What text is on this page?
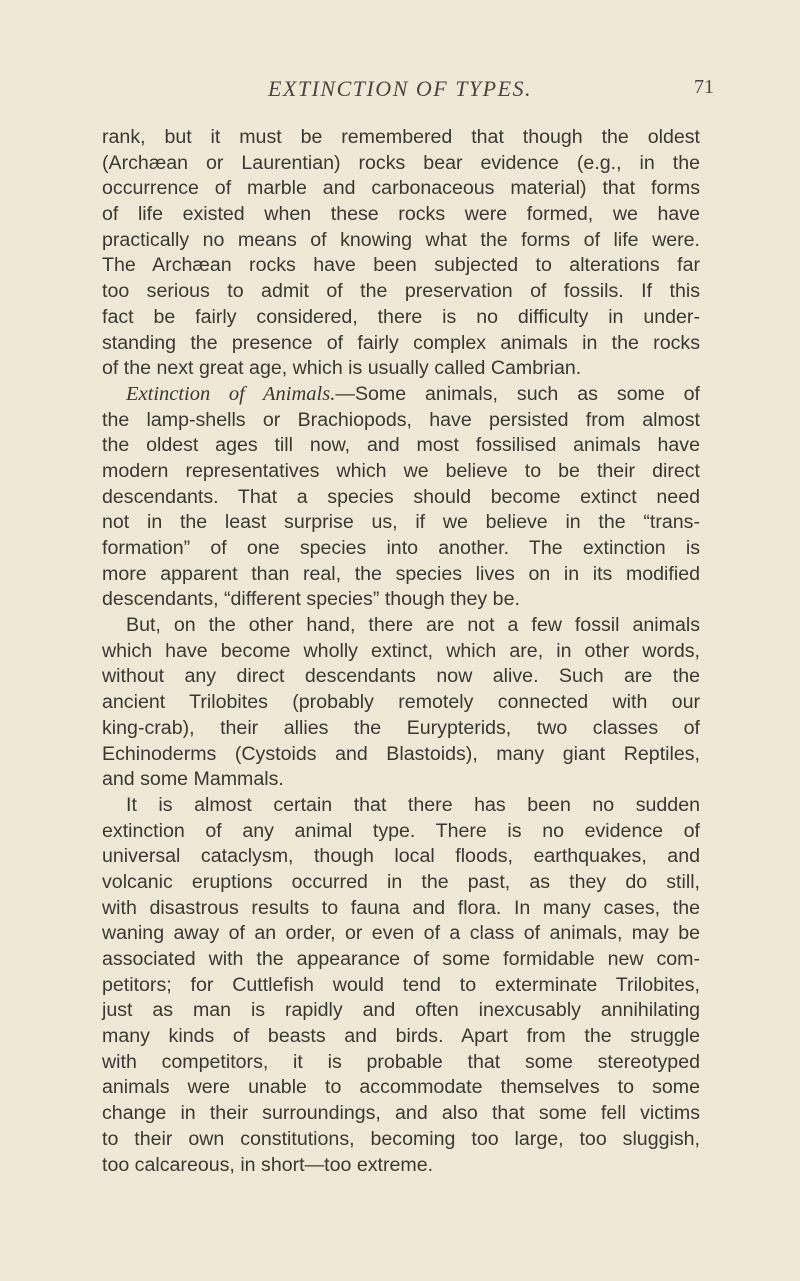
EXTINCTION OF TYPES.	71
rank, but it must be remembered that though the oldest
(Archæan or Laurentian) rocks bear evidence (e.g., in the
occurrence of marble and carbonaceous material) that forms
of life existed when these rocks were formed, we have
practically no means of knowing what the forms of life were.
The Archæan rocks have been subjected to alterations far
too serious to admit of the preservation of fossils. If this
fact be fairly considered, there is no difficulty in under-
standing the presence of fairly complex animals in the rocks
of the next great age, which is usually called Cambrian.
Extinction of Animals.—Some animals, such as some of
the lamp-shells or Brachiopods, have persisted from almost
the oldest ages till now, and most fossilised animals have
modern representatives which we believe to be their direct
descendants. That a species should become extinct need
not in the least surprise us, if we believe in the “trans-
formation” of one species into another. The extinction is
more apparent than real, the species lives on in its modified
descendants, “different species” though they be.
But, on the other hand, there are not a few fossil animals
which have become wholly extinct, which are, in other words,
without any direct descendants now alive. Such are the
ancient Trilobites (probably remotely connected with our
king-crab), their allies the Eurypterids, two classes of
Echinoderms (Cystoids and Blastoids), many giant Reptiles,
and some Mammals.
It is almost certain that there has been no sudden
extinction of any animal type. There is no evidence of
universal cataclysm, though local floods, earthquakes, and
volcanic eruptions occurred in the past, as they do still,
with disastrous results to fauna and flora. In many cases, the
waning away of an order, or even of a class of animals, may be
associated with the appearance of some formidable new com-
petitors; for Cuttlefish would tend to exterminate Trilobites,
just as man is rapidly and often inexcusably annihilating
many kinds of beasts and birds. Apart from the struggle
with competitors, it is probable that some stereotyped
animals were unable to accommodate themselves to some
change in their surroundings, and also that some fell victims
to their own constitutions, becoming too large, too sluggish,
too calcareous, in short—too extreme.
